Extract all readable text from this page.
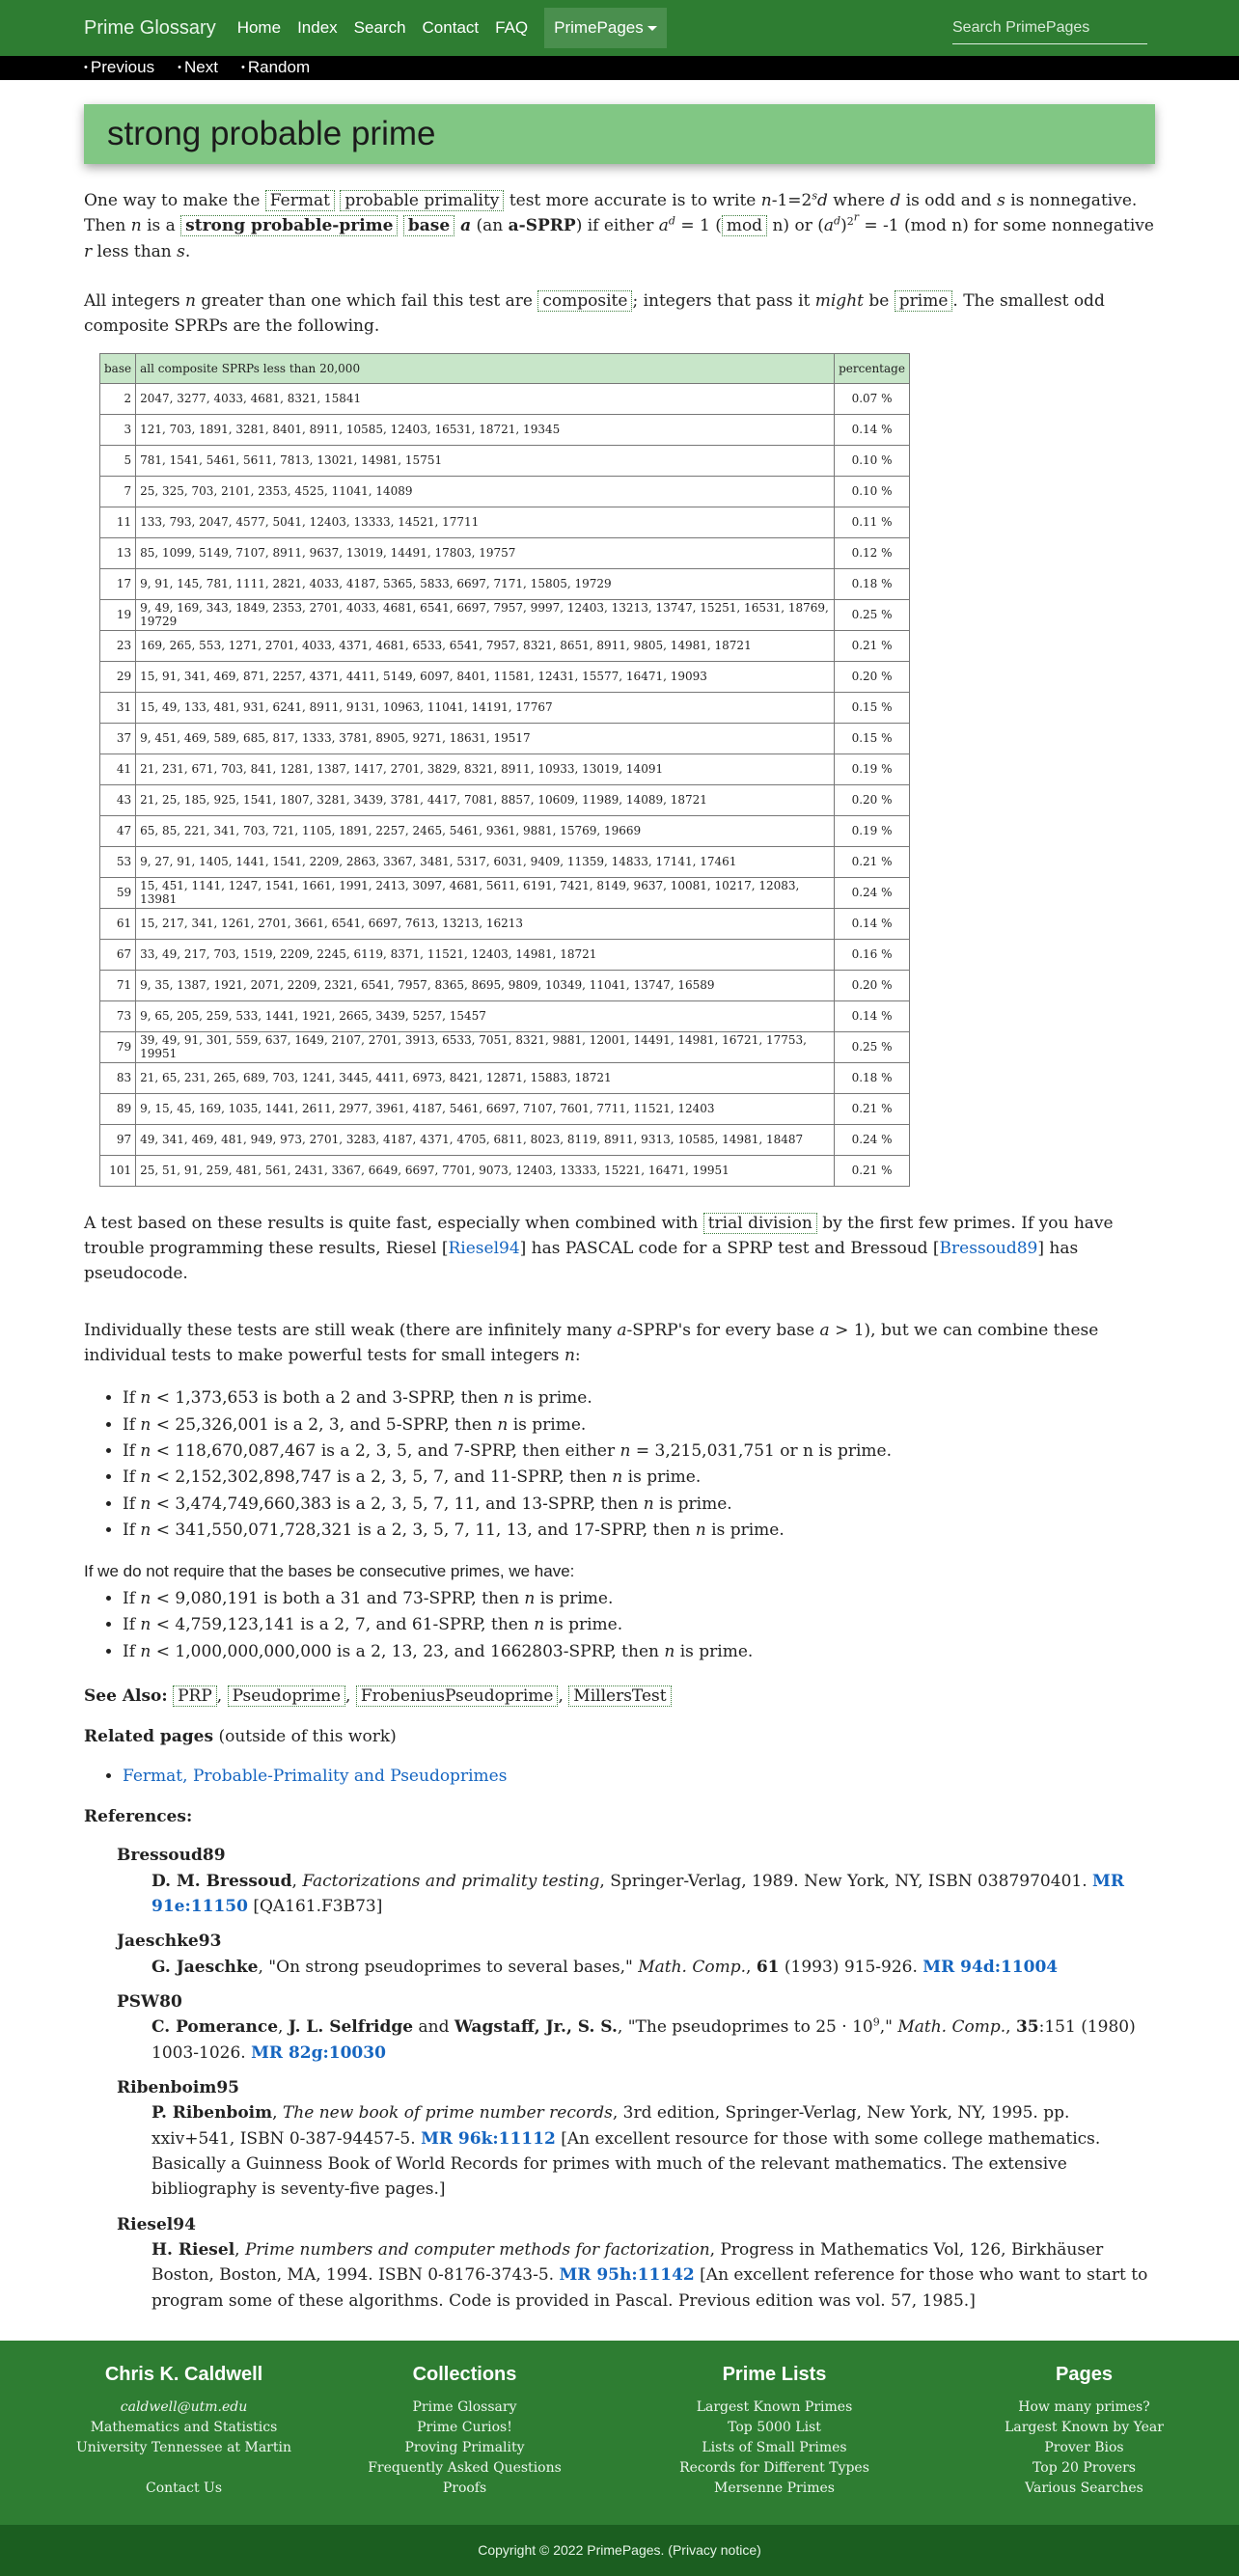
Prime Glossary Home Index Search Contact FAQ	PrimePages
Search PrimePages
• Previous	• Next	• Random
strong probable prime

One way to make the Fermat probable primality test more accurate is to write $n-1=2^sd$ where d is odd and s is nonnegative. Then n is a strong probable-prime base a (an a-SPRP) if either $a^d = 1$ ( mod n) or $(a^d)^{2^r} = -1$ (mod n) for some nonnegative r less than s.

All integers n greater than one which fail this test are composite ; integers that pass it might be prime . The smallest odd composite SPRPs are the following.

base	all composite SPRPs less than 20,000	percentage
2	2047, 3277, 4033, 4681, 8321, 15841	0.07 %
3	121, 703, 1891, 3281, 8401, 8911, 10585, 12403, 16531, 18721, 19345	0.14 %
5	781, 1541, 5461, 5611, 7813, 13021, 14981, 15751	0.10 %
7	25, 325, 703, 2101, 2353, 4525, 11041, 14089	0.10 %
11	133, 793, 2047, 4577, 5041, 12403, 13333, 14521, 17711	0.11 %
13	85, 1099, 5149, 7107, 8911, 9637, 13019, 14491, 17803, 19757	0.12 %
17	9, 91, 145, 781, 1111, 2821, 4033, 4187, 5365, 5833, 6697, 7171, 15805, 19729	0.18 %
19	9, 49, 169, 343, 1849, 2353, 2701, 4033, 4681, 6541, 6697, 7957, 9997, 12403, 13213, 13747, 15251, 16531, 18769, 19729	0.25 %
23	169, 265, 553, 1271, 2701, 4033, 4371, 4681, 6533, 6541, 7957, 8321, 8651, 8911, 9805, 14981, 18721	0.21 %
29	15, 91, 341, 469, 871, 2257, 4371, 4411, 5149, 6097, 8401, 11581, 12431, 15577, 16471, 19093	0.20 %
31	15, 49, 133, 481, 931, 6241, 8911, 9131, 10963, 11041, 14191, 17767	0.15 %
37	9, 451, 469, 589, 685, 817, 1333, 3781, 8905, 9271, 18631, 19517	0.15 %
41	21, 231, 671, 703, 841, 1281, 1387, 1417, 2701, 3829, 8321, 8911, 10933, 13019, 14091	0.19 %
43	21, 25, 185, 925, 1541, 1807, 3281, 3439, 3781, 4417, 7081, 8857, 10609, 11989, 14089, 18721	0.20 %
47	65, 85, 221, 341, 703, 721, 1105, 1891, 2257, 2465, 5461, 9361, 9881, 15769, 19669	0.19 %
53	9, 27, 91, 1405, 1441, 1541, 2209, 2863, 3367, 3481, 5317, 6031, 9409, 11359, 14833, 17141, 17461	0.21 %
59	15, 451, 1141, 1247, 1541, 1661, 1991, 2413, 3097, 4681, 5611, 6191, 7421, 8149, 9637, 10081, 10217, 12083, 13981	0.24 %
61	15, 217, 341, 1261, 2701, 3661, 6541, 6697, 7613, 13213, 16213	0.14 %
67	33, 49, 217, 703, 1519, 2209, 2245, 6119, 8371, 11521, 12403, 14981, 18721	0.16 %
71	9, 35, 1387, 1921, 2071, 2209, 2321, 6541, 7957, 8365, 8695, 9809, 10349, 11041, 13747, 16589	0.20 %
73	9, 65, 205, 259, 533, 1441, 1921, 2665, 3439, 5257, 15457	0.14 %
79	39, 49, 91, 301, 559, 637, 1649, 2107, 2701, 3913, 6533, 7051, 8321, 9881, 12001, 14491, 14981, 16721, 17753, 19951	0.25 %
83	21, 65, 231, 265, 689, 703, 1241, 3445, 4411, 6973, 8421, 12871, 15883, 18721	0.18 %
89	9, 15, 45, 169, 1035, 1441, 2611, 2977, 3961, 4187, 5461, 6697, 7107, 7601, 7711, 11521, 12403	0.21 %
97	49, 341, 469, 481, 949, 973, 2701, 3283, 4187, 4371, 4705, 6811, 8023, 8119, 8911, 9313, 10585, 14981, 18487	0.24 %
101	25, 51, 91, 259, 481, 561, 2431, 3367, 6649, 6697, 7701, 9073, 12403, 13333, 15221, 16471, 19951	0.21 %

A test based on these results is quite fast, especially when combined with trial division by the first few primes. If you have trouble programming these results, Riesel [Riesel94] has PASCAL code for a SPRP test and Bressoud [Bressoud89] has pseudocode.

Individually these tests are still weak (there are infinitely many a-SPRP's for every base a > 1), but we can combine these individual tests to make powerful tests for small integers n:

• If n < 1,373,653 is both a 2 and 3-SPRP, then n is prime.
• If n < 25,326,001 is a 2, 3, and 5-SPRP, then n is prime.
• If n < 118,670,087,467 is a 2, 3, 5, and 7-SPRP, then either n = 3,215,031,751 or n is prime.
• If n < 2,152,302,898,747 is a 2, 3, 5, 7, and 11-SPRP, then n is prime.
• If n < 3,474,749,660,383 is a 2, 3, 5, 7, 11, and 13-SPRP, then n is prime.
• If n < 341,550,071,728,321 is a 2, 3, 5, 7, 11, 13, and 17-SPRP, then n is prime.
If we do not require that the bases be consecutive primes, we have:
• If n < 9,080,191 is both a 31 and 73-SPRP, then n is prime.
• If n < 4,759,123,141 is a 2, 7, and 61-SPRP, then n is prime.
• If n < 1,000,000,000,000 is a 2, 13, 23, and 1662803-SPRP, then n is prime.

See Also: PRP , Pseudoprime , FrobeniusPseudoprime , MillersTest

Related pages (outside of this work)

• Fermat, Probable-Primality and Pseudoprimes

References:

Bressoud89
D. M. Bressoud, Factorizations and primality testing, Springer-Verlag, 1989. New York, NY, ISBN 0387970401. MR 91e:11150 [QA161.F3B73]
Jaeschke93
G. Jaeschke, "On strong pseudoprimes to several bases," Math. Comp., 61 (1993) 915-926. MR 94d:11004
PSW80
C. Pomerance, J. L. Selfridge and Wagstaff, Jr., S. S., "The pseudoprimes to $25 \cdot 10^9$," Math. Comp., 35:151 (1980) 1003-1026. MR 82g:10030
Ribenboim95
P. Ribenboim, The new book of prime number records, 3rd edition, Springer-Verlag, New York, NY, 1995. pp. xxiv+541, ISBN 0-387-94457-5. MR 96k:11112 [An excellent resource for those with some college mathematics. Basically a Guinness Book of World Records for primes with much of the relevant mathematics. The extensive bibliography is seventy-five pages.]
Riesel94
H. Riesel, Prime numbers and computer methods for factorization, Progress in Mathematics Vol, 126, Birkhäuser Boston, Boston, MA, 1994. ISBN 0-8176-3743-5. MR 95h:11142 [An excellent reference for those who want to start to program some of these algorithms. Code is provided in Pascal. Previous edition was vol. 57, 1985.]
Chris K. Caldwell
caldwell@utm.edu
Mathematics and Statistics
University Tennessee at Martin

Contact Us
Collections
Prime Glossary
Prime Curios!
Proving Primality
Frequently Asked Questions
Proofs
Prime Lists
Largest Known Primes
Top 5000 List
Lists of Small Primes
Records for Different Types
Mersenne Primes
Pages
How many primes?
Largest Known by Year
Prover Bios
Top 20 Provers
Various Searches
Copyright © 2022 PrimePages. (Privacy notice)
